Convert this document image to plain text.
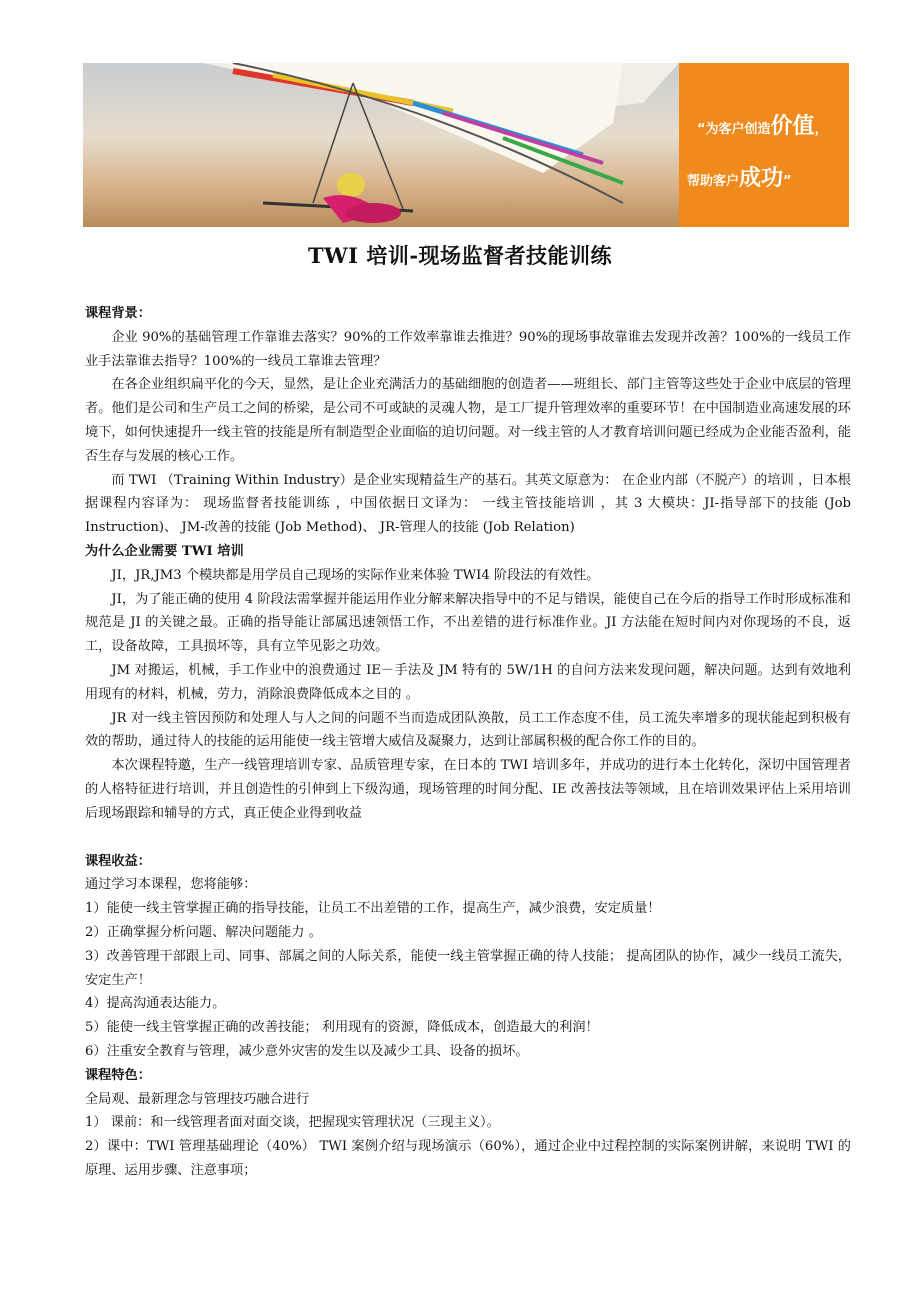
“为客户创造价值，
帮助客户成功”
TWI 培训-现场监督者技能训练

课程背景：

企业 90%的基础管理工作靠谁去落实？90%的工作效率靠谁去推进？90%的现场事故靠谁去发现并改善？100%的一线员工作业手法靠谁去指导？100%的一线员工靠谁去管理？

在各企业组织扁平化的今天，显然，是让企业充满活力的基础细胞的创造者——班组长、部门主管等这些处于企业中底层的管理者。他们是公司和生产员工之间的桥梁，是公司不可或缺的灵魂人物，是工厂提升管理效率的重要环节！在中国制造业高速发展的环境下，如何快速提升一线主管的技能是所有制造型企业面临的迫切问题。对一线主管的人才教育培训问题已经成为企业能否盈利，能否生存与发展的核心工作。

而 TWI （Training Within Industry）是企业实现精益生产的基石。其英文原意为： 在企业内部（不脱产）的培训 ，日本根据课程内容译为： 现场监督者技能训练 ，中国依据日文译为： 一线主管技能培训 ，其 3 大模块：JI-指导部下的技能 (Job Instruction)、 JM-改善的技能 (Job Method)、 JR-管理人的技能 (Job Relation)

为什么企业需要 TWI 培训

JI，JR,JM3 个模块都是用学员自己现场的实际作业来体验 TWI4 阶段法的有效性。

JI，为了能正确的使用 4 阶段法需掌握并能运用作业分解来解决指导中的不足与错误，能使自己在今后的指导工作时形成标准和规范是 JI 的关键之最。正确的指导能让部属迅速领悟工作，不出差错的进行标准作业。JI 方法能在短时间内对你现场的不良，返工，设备故障，工具损坏等，具有立竿见影之功效。

JM 对搬运，机械，手工作业中的浪费通过 IE－手法及 JM 特有的 5W/1H 的自问方法来发现问题，解决问题。达到有效地利用现有的材料，机械，劳力，消除浪费降低成本之目的 。

JR 对一线主管因预防和处理人与人之间的问题不当而造成团队涣散，员工工作态度不佳，员工流失率增多的现状能起到积极有效的帮助，通过待人的技能的运用能使一线主管增大威信及凝聚力，达到让部属积极的配合你工作的目的。

本次课程特邀，生产一线管理培训专家、品质管理专家，在日本的 TWI 培训多年，并成功的进行本土化转化，深切中国管理者的人格特征进行培训，并且创造性的引伸到上下级沟通，现场管理的时间分配、IE 改善技法等领域，且在培训效果评估上采用培训后现场跟踪和辅导的方式，真正使企业得到收益

课程收益：

通过学习本课程，您将能够：

1）能使一线主管掌握正确的指导技能，让员工不出差错的工作，提高生产，减少浪费，安定质量！

2）正确掌握分析问题、解决问题能力 。

3）改善管理干部跟上司、同事、部属之间的人际关系，能使一线主管掌握正确的待人技能； 提高团队的协作，减少一线员工流失，安定生产！

4）提高沟通表达能力。

5）能使一线主管掌握正确的改善技能； 利用现有的资源，降低成本，创造最大的利润！

6）注重安全教育与管理，减少意外灾害的发生以及减少工具、设备的损坏。

课程特色：

全局观、最新理念与管理技巧融合进行

1） 课前：和一线管理者面对面交谈，把握现实管理状况（三现主义）。

2）课中：TWI 管理基础理论（40%） TWI 案例介绍与现场演示（60%），通过企业中过程控制的实际案例讲解，来说明 TWI 的原理、运用步骤、注意事项；
